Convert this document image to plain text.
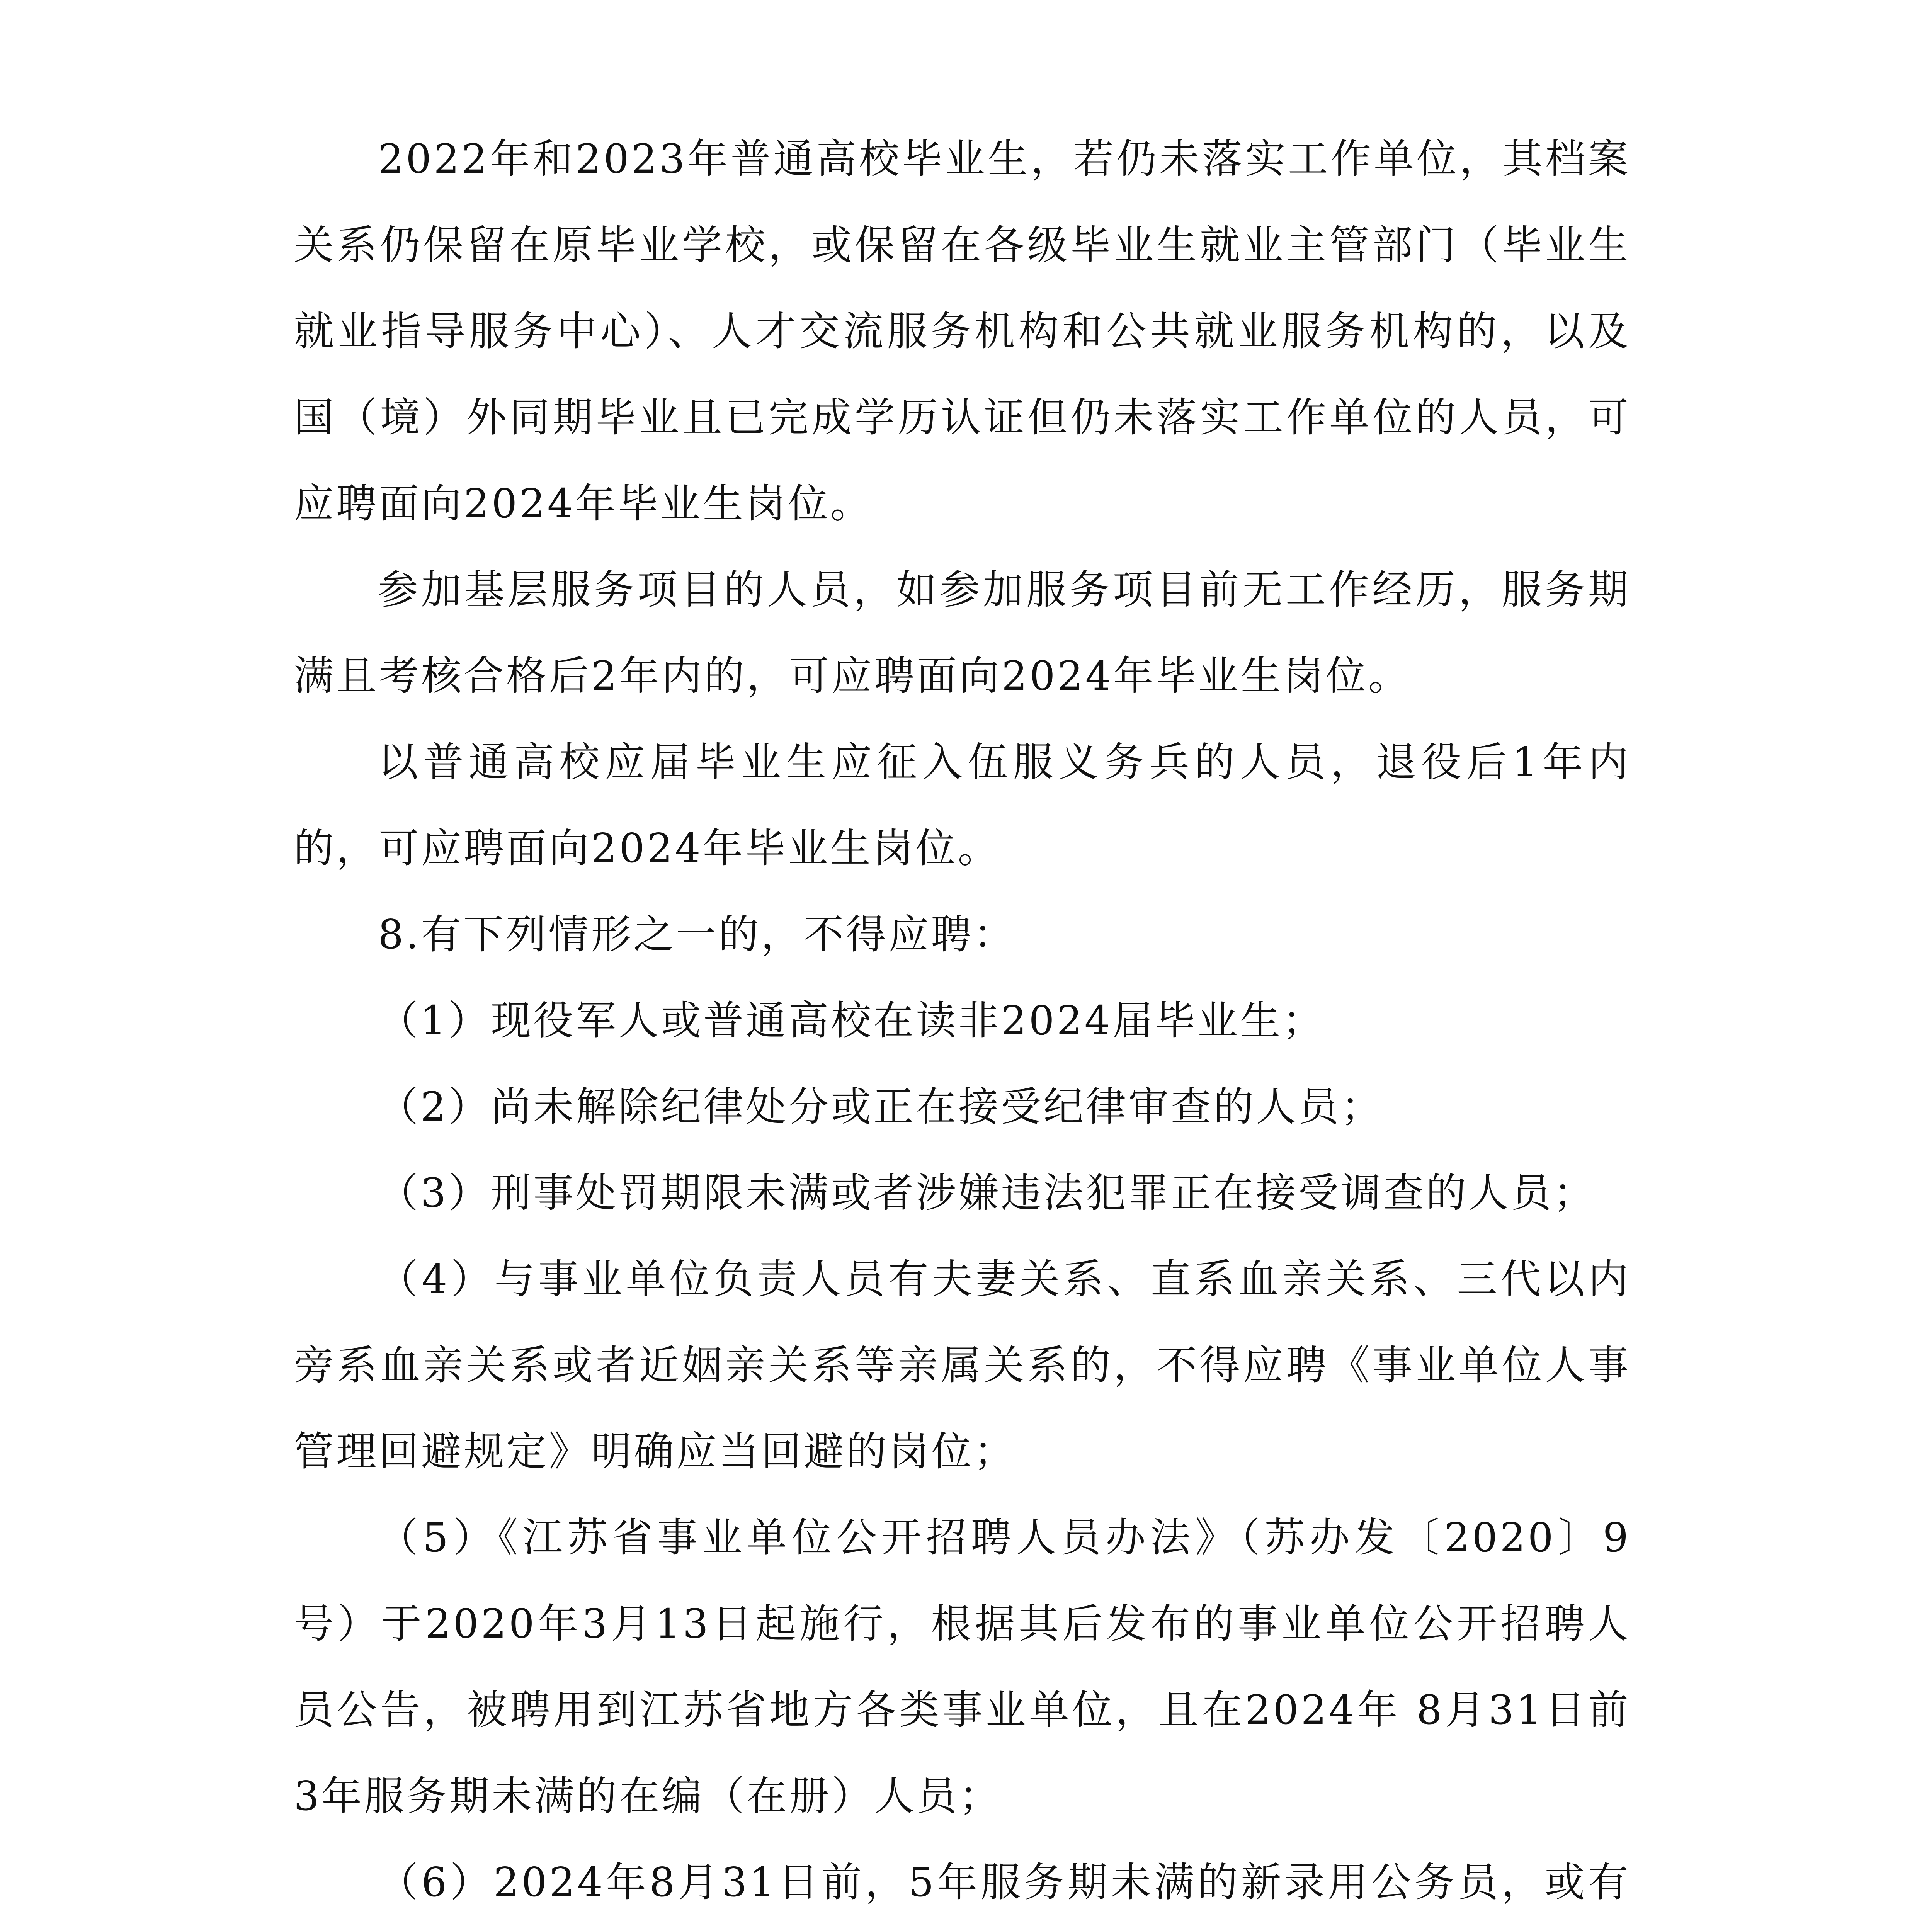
2022年和2023年普通高校毕业生，若仍未落实工作单位，其档案关系仍保留在原毕业学校，或保留在各级毕业生就业主管部门（毕业生就业指导服务中心）、人才交流服务机构和公共就业服务机构的，以及国（境）外同期毕业且已完成学历认证但仍未落实工作单位的人员，可应聘面向2024年毕业生岗位。

参加基层服务项目的人员，如参加服务项目前无工作经历，服务期满且考核合格后2年内的，可应聘面向2024年毕业生岗位。

以普通高校应届毕业生应征入伍服义务兵的人员，退役后1年内的，可应聘面向2024年毕业生岗位。

8.有下列情形之一的，不得应聘：

（1）现役军人或普通高校在读非2024届毕业生；

（2）尚未解除纪律处分或正在接受纪律审查的人员；

（3）刑事处罚期限未满或者涉嫌违法犯罪正在接受调查的人员；

（4）与事业单位负责人员有夫妻关系、直系血亲关系、三代以内旁系血亲关系或者近姻亲关系等亲属关系的，不得应聘《事业单位人事管理回避规定》明确应当回避的岗位；

（5）《江苏省事业单位公开招聘人员办法》（苏办发〔2020〕9号）于2020年3月13日起施行，根据其后发布的事业单位公开招聘人员公告，被聘用到江苏省地方各类事业单位，且在2024年 8月31日前3年服务期未满的在编（在册）人员；

（6）2024年8月31日前，5年服务期未满的新录用公务员，或有
